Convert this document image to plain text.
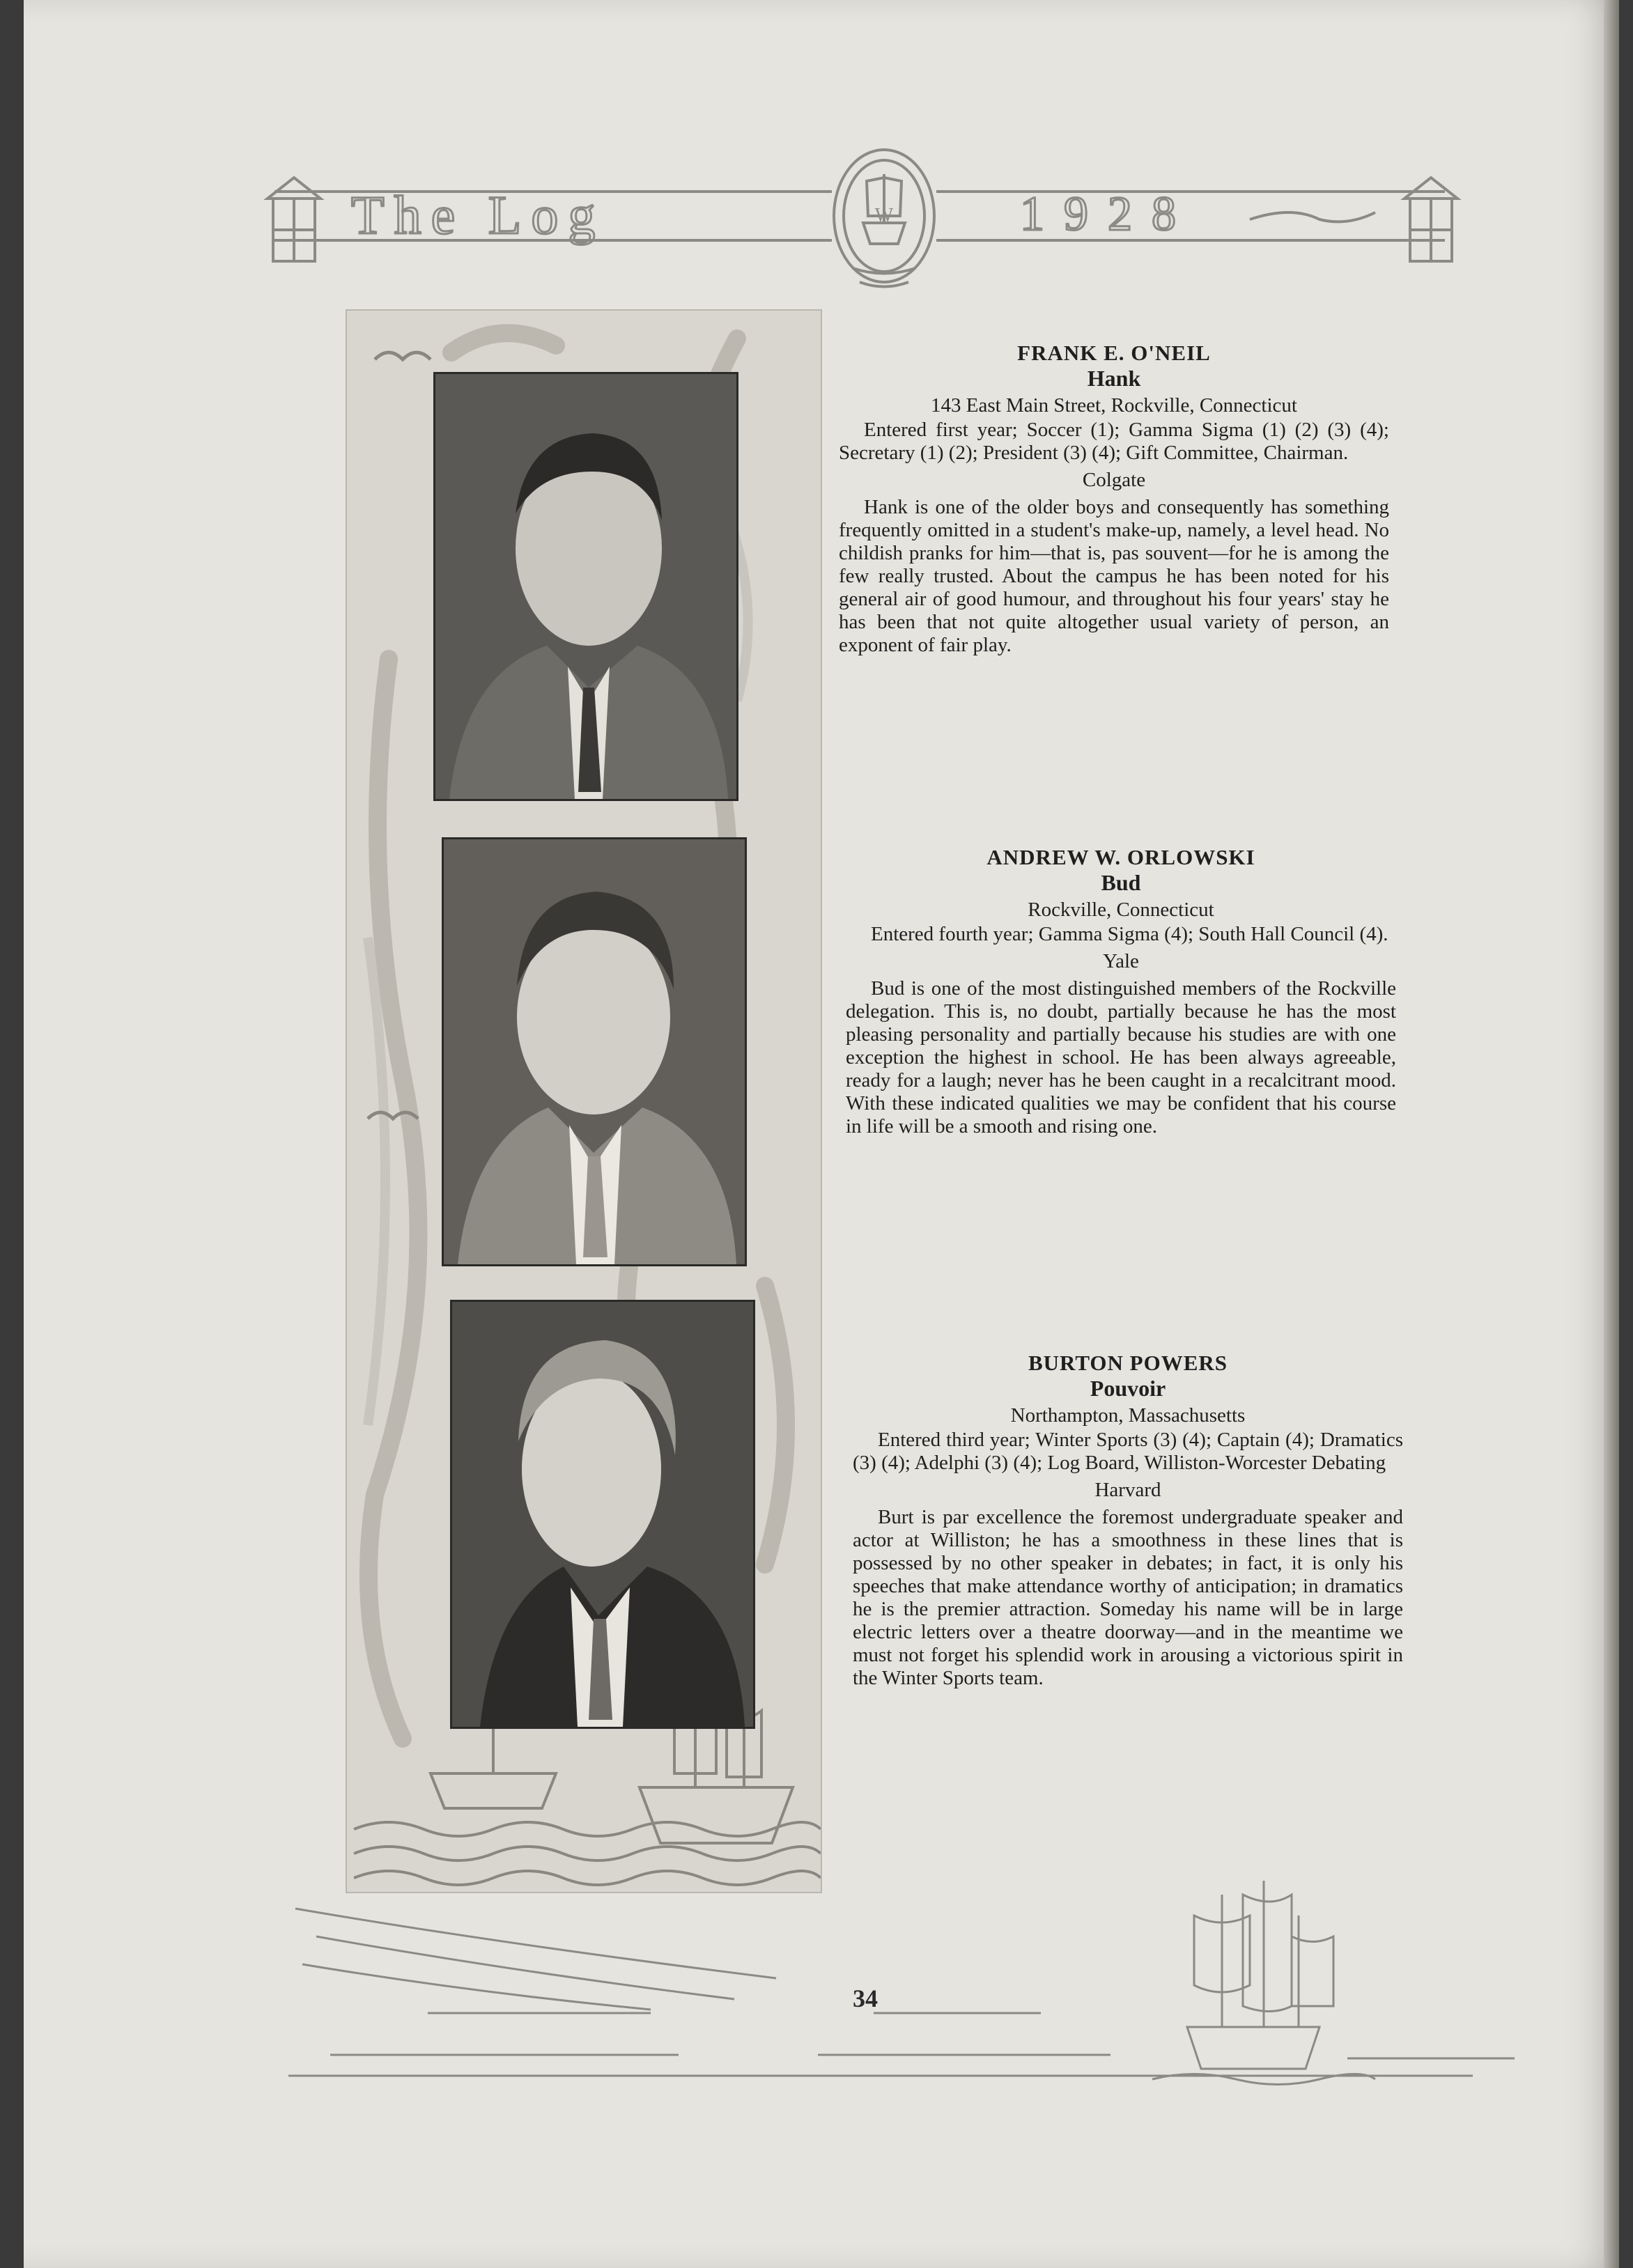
The Log	1928
W
FRANK E. O'NEIL
Hank
143 East Main Street, Rockville, Connecticut

Entered first year; Soccer (1); Gamma Sigma (1) (2) (3) (4); Secretary (1) (2); President (3) (4); Gift Committee, Chairman.

Colgate

Hank is one of the older boys and consequently has something frequently omitted in a student's make-up, namely, a level head. No childish pranks for him—that is, pas souvent—for he is among the few really trusted. About the campus he has been noted for his general air of good humour, and throughout his four years' stay he has been that not quite altogether usual variety of person, an exponent of fair play.

ANDREW W. ORLOWSKI
Bud
Rockville, Connecticut

Entered fourth year; Gamma Sigma (4); South Hall Council (4).

Yale

Bud is one of the most distinguished members of the Rockville delegation. This is, no doubt, partially because he has the most pleasing personality and partially because his studies are with one exception the highest in school. He has been always agreeable, ready for a laugh; never has he been caught in a recalcitrant mood. With these indicated qualities we may be confident that his course in life will be a smooth and rising one.

BURTON POWERS
Pouvoir
Northampton, Massachusetts

Entered third year; Winter Sports (3) (4); Captain (4); Dramatics (3) (4); Adelphi (3) (4); Log Board, Williston-Worcester Debating

Harvard

Burt is par excellence the foremost undergraduate speaker and actor at Williston; he has a smoothness in these lines that is possessed by no other speaker in debates; in fact, it is only his speeches that make attendance worthy of anticipation; in dramatics he is the premier attraction. Someday his name will be in large electric letters over a theatre doorway—and in the meantime we must not forget his splendid work in arousing a victorious spirit in the Winter Sports team.

34
